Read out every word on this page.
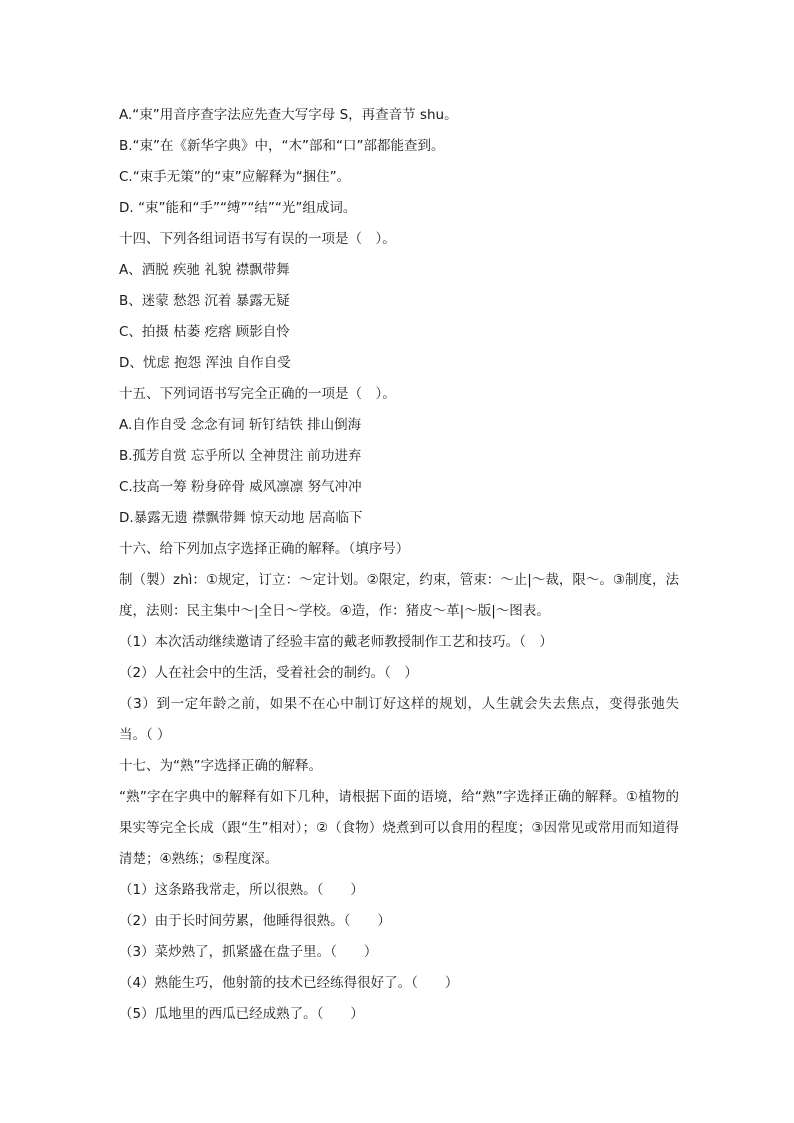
A.“束”用音序查字法应先查大写字母 S，再查音节 shu。
B.“束”在《新华字典》中，“木”部和“口”部都能查到。
C.“束手无策”的“束”应解释为“捆住”。
D. “束”能和“手”“缚”“结”“光”组成词。
十四、下列各组词语书写有误的一项是（　）。
A、洒脱 疾驰 礼貌 襟飘带舞
B、迷蒙 愁怨 沉着 暴露无疑
C、拍摄 枯萎 疙瘩 顾影自怜
D、忧虑 抱怨 浑浊 自作自受
十五、下列词语书写完全正确的一项是（　）。
A.自作自受 念念有词 斩钉结铁 排山倒海
B.孤芳自赏 忘乎所以 全神贯注 前功进弃
C.技高一筹 粉身碎骨 威风凛凛 努气冲冲
D.暴露无遗 襟飘带舞 惊天动地 居高临下
十六、给下列加点字选择正确的解释。（填序号）
制（製）zhì：①规定，订立：～定计划。②限定，约束，管束：～止|～裁，限～。③制度，法度，法则：民主集中～|全日～学校。④造，作：猪皮～革|～版|～图表。
（1）本次活动继续邀请了经验丰富的戴老师教授制作工艺和技巧。（　）
（2）人在社会中的生活，受着社会的制约。（　）
（3）到一定年龄之前，如果不在心中制订好这样的规划，人生就会失去焦点，变得张弛失当。（ ）
十七、为“熟”字选择正确的解释。
“熟”字在字典中的解释有如下几种，请根据下面的语境，给“熟”字选择正确的解释。①植物的果实等完全长成（跟“生”相对）；②（食物）烧煮到可以食用的程度；③因常见或常用而知道得清楚；④熟练；⑤程度深。
（1）这条路我常走，所以很熟。（　　）
（2）由于长时间劳累，他睡得很熟。（　　）
（3）菜炒熟了，抓紧盛在盘子里。（　　）
（4）熟能生巧，他射箭的技术已经练得很好了。（　　）
（5）瓜地里的西瓜已经成熟了。（　　）
